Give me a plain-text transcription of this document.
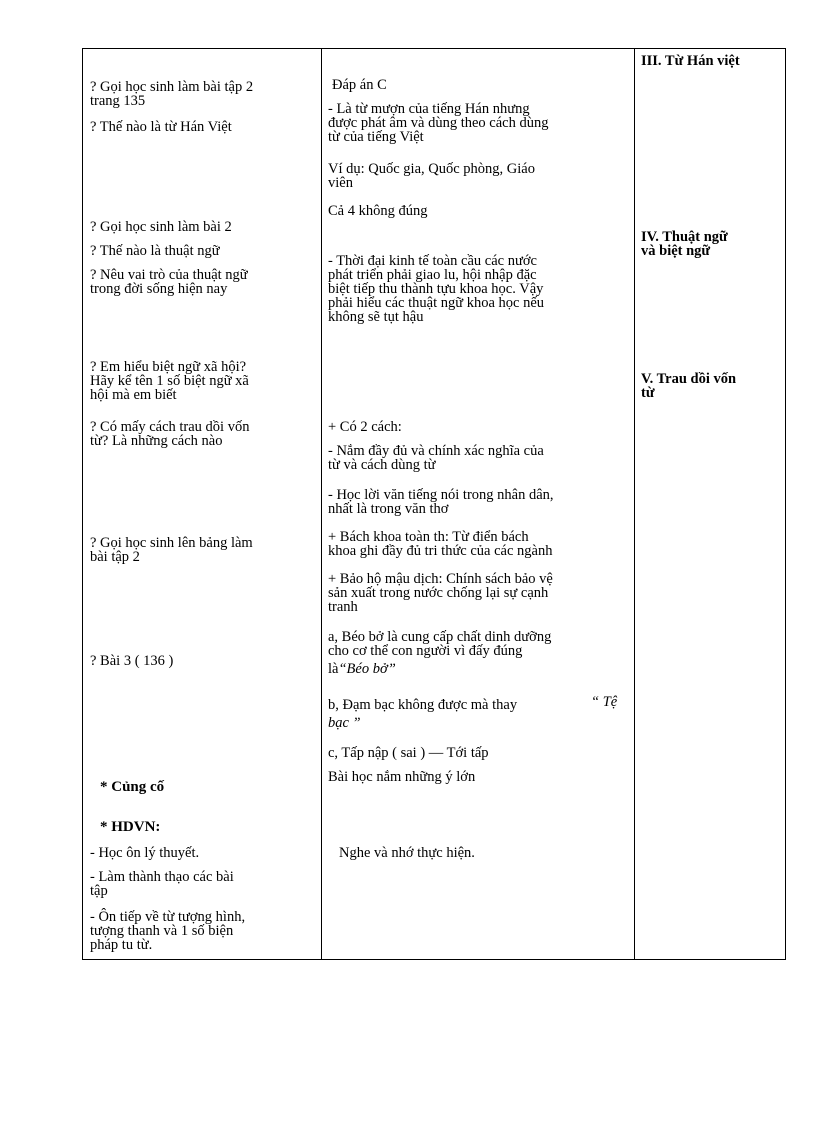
? Gọi học sinh làm bài tập 2
trang 135
? Thế nào là từ Hán Việt
? Gọi học sinh làm bài 2
? Thế nào là thuật ngữ
? Nêu vai trò của thuật ngữ
trong đời sống hiện nay
? Em hiểu biệt ngữ xã hội?
Hãy kể tên 1 số biệt ngữ xã
hội mà em biết
? Có mấy cách trau dồi vốn
từ? Là những cách nào
? Gọi học sinh lên bảng làm
bài tập 2
? Bài 3 ( 136 )
* Củng cố
* HDVN:
- Học ôn lý thuyết.
- Làm thành thạo các bài
tập
- Ôn tiếp về từ tượng hình,
tượng thanh và 1 số biện
pháp tu từ.
Đáp án C
- Là từ mượn của tiếng Hán nhưng
được phát âm và dùng theo cách dùng
từ của tiếng Việt
Ví dụ: Quốc gia, Quốc phòng, Giáo
viên
Cả 4 không đúng
- Thời đại kinh tế toàn cầu các nước
phát triển phải giao lu, hội nhập đặc
biệt tiếp thu thành tựu khoa học. Vậy
phải hiểu các thuật ngữ khoa học nếu
không sẽ tụt hậu
+ Có 2 cách:
- Nắm đầy đủ và chính xác nghĩa của
từ và cách dùng từ
- Học lời văn tiếng nói trong nhân dân,
nhất là trong văn thơ
+ Bách khoa toàn th: Từ điển bách
khoa ghi đầy đủ tri thức của các ngành
+ Bảo hộ mậu dịch: Chính sách bảo vệ
sản xuất trong nước chống lại sự cạnh
tranh
a, Béo bở là cung cấp chất dinh dưỡng
cho cơ thể con người vì đấy đúng
là“Béo bở”
b, Đạm bạc không được mà thay	“ Tệ
bạc ”
c, Tấp nập ( sai ) — Tới tấp
Bài học nắm những ý lớn
Nghe và nhớ thực hiện.
III. Từ Hán việt
IV. Thuật ngữ
và biệt ngữ
V. Trau dồi vốn
từ
